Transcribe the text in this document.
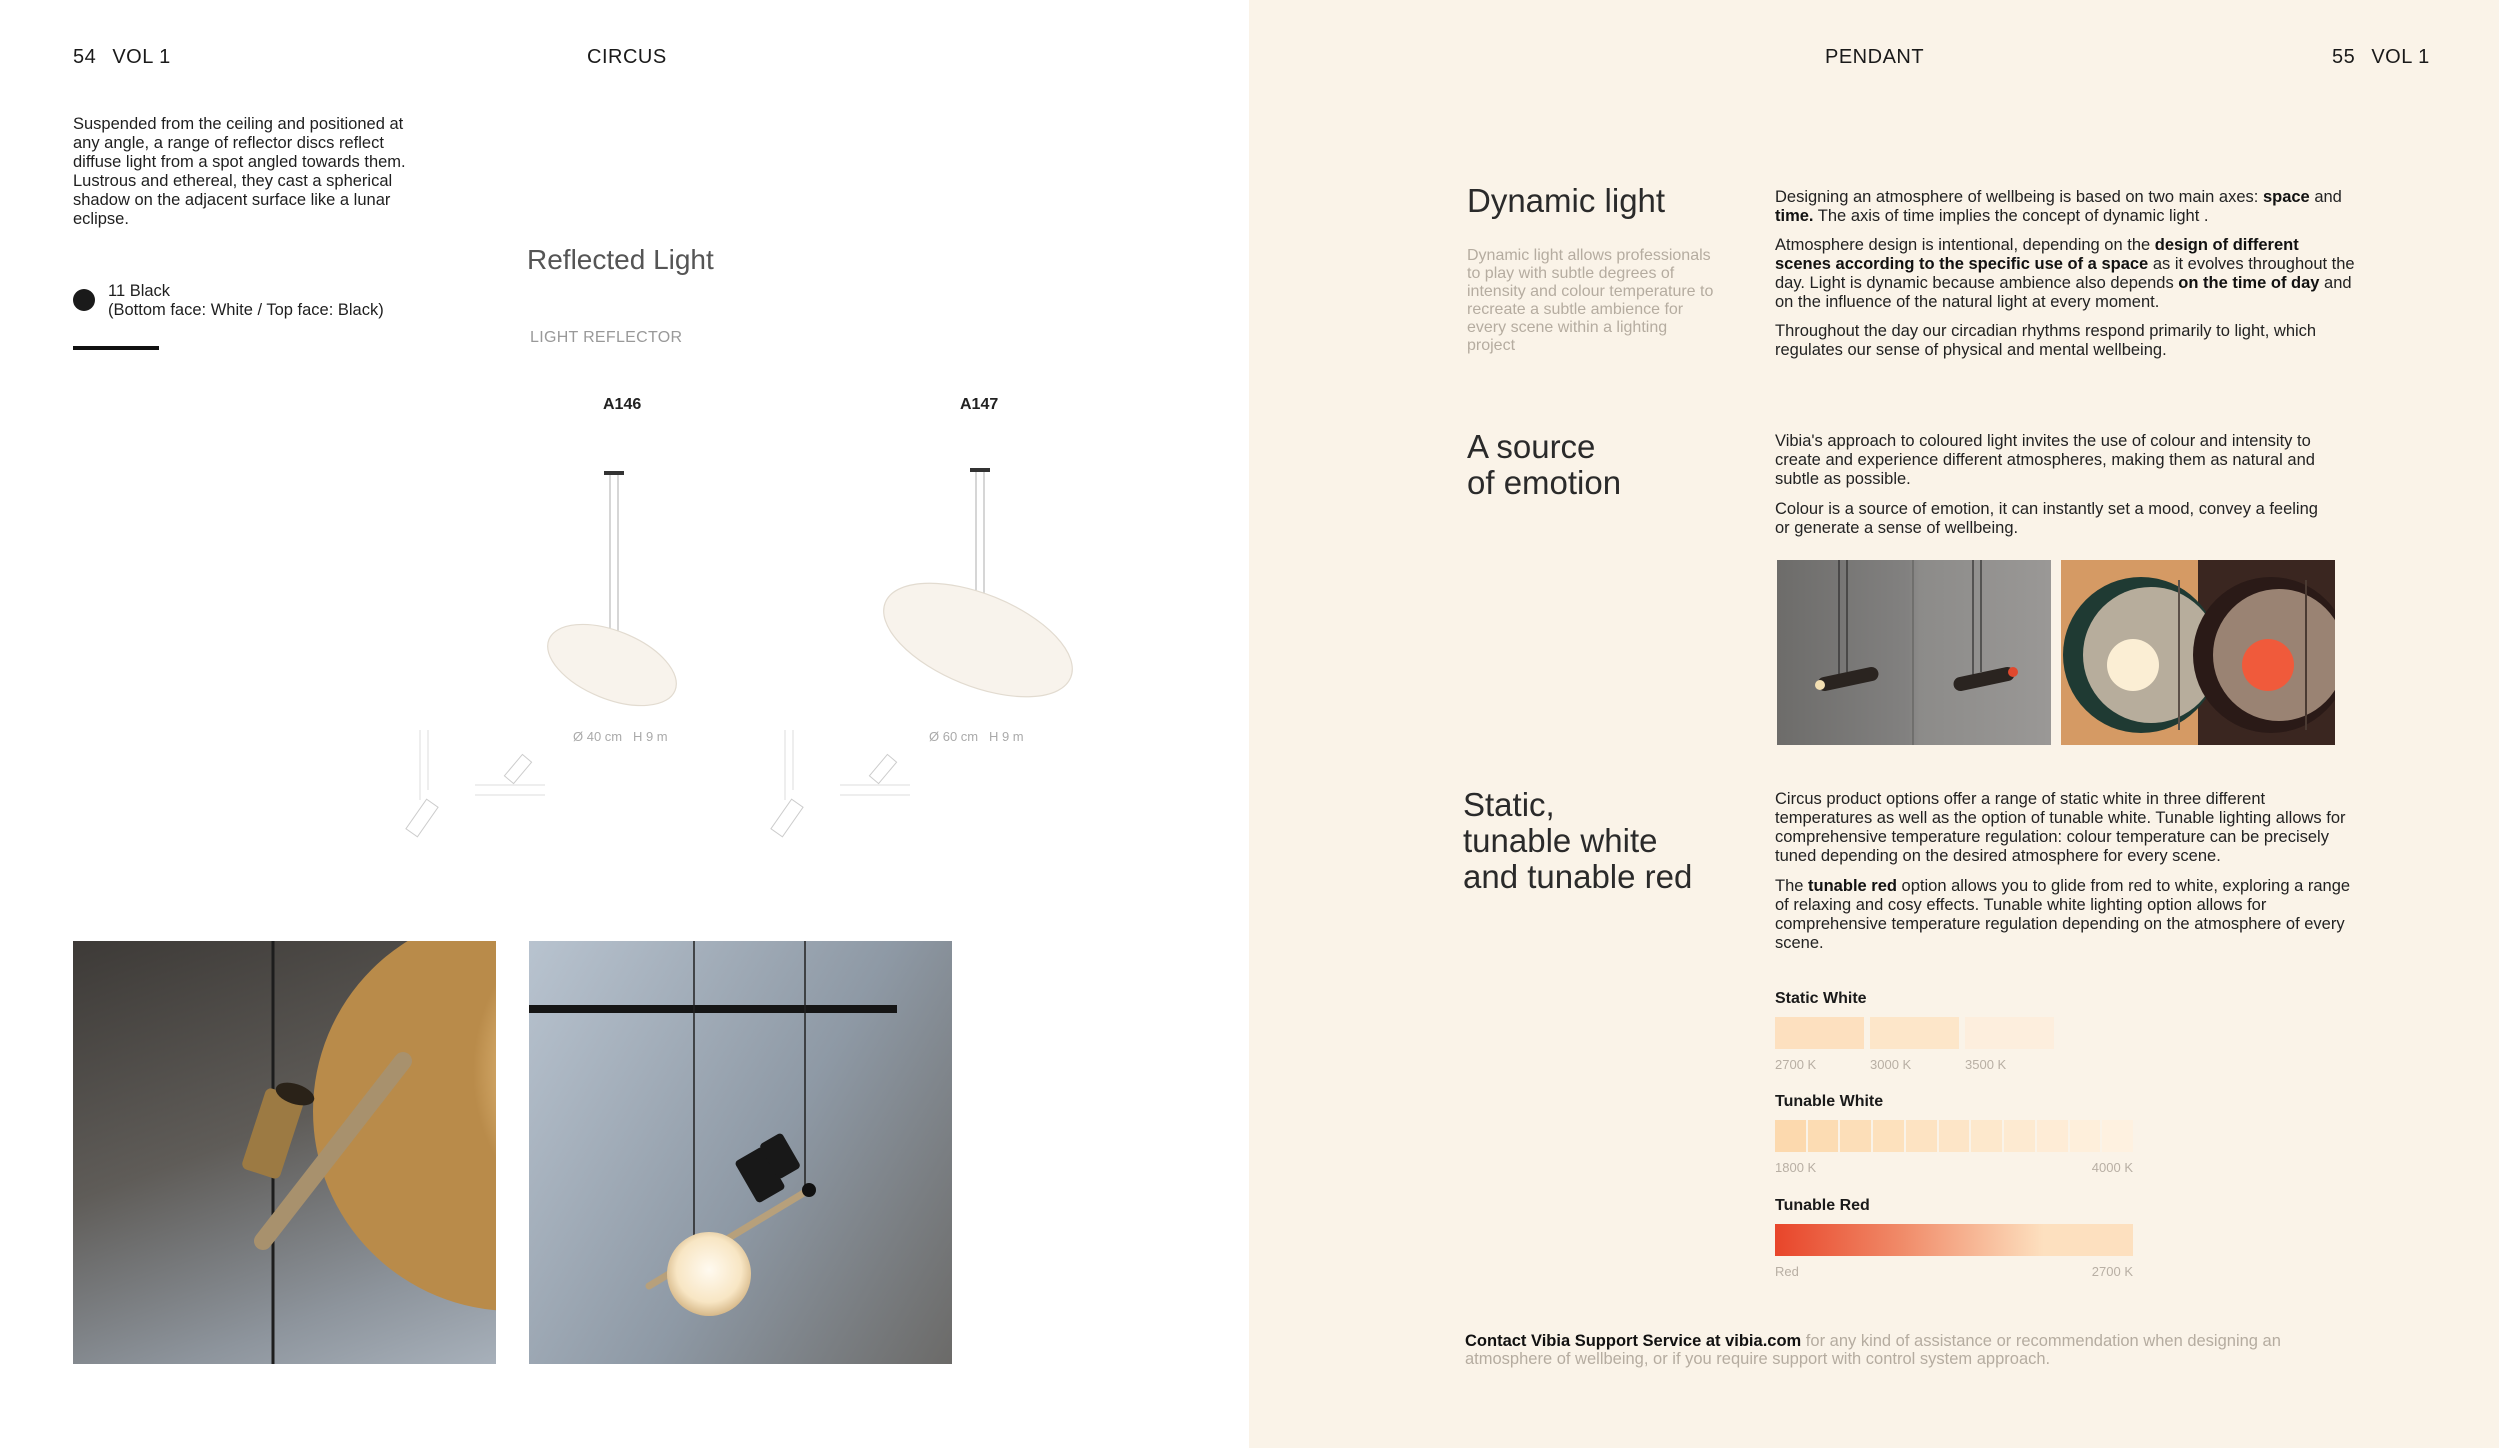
54 VOL 1	CIRCUS
Suspended from the ceiling and positioned at any angle, a range of reflector discs reflect diffuse light from a spot angled towards them. Lustrous and ethereal, they cast a spherical shadow on the adjacent surface like a lunar eclipse.
11 Black
(Bottom face: White / Top face: Black)
Reflected Light
LIGHT REFLECTOR
A146
Ø 40 cm   H 9 m
A147
Ø 60 cm   H 9 m
PENDANT	55 VOL 1
Dynamic light
Dynamic light allows professionals to play with subtle degrees of intensity and colour temperature to recreate a subtle ambience for every scene within a lighting project

Designing an atmosphere of wellbeing is based on two main axes: space and time. The axis of time implies the concept of dynamic light .

Atmosphere design is intentional, depending on the design of different scenes according to the specific use of a space as it evolves throughout the day. Light is dynamic because ambience also depends on the time of day and on the influence of the natural light at every moment.

Throughout the day our circadian rhythms respond primarily to light, which regulates our sense of physical and mental wellbeing.

A source
of emotion

Vibia's approach to coloured light invites the use of colour and intensity to create and experience different atmospheres, making them as natural and subtle as possible.

Colour is a source of emotion, it can instantly set a mood, convey a feeling or generate a sense of wellbeing.

Static,
tunable white
and tunable red

Circus product options offer a range of static white in three different temperatures as well as the option of tunable white. Tunable lighting allows for comprehensive temperature regulation: colour temperature can be precisely tuned depending on the desired atmosphere for every scene.

The tunable red option allows you to glide from red to white, exploring a range of relaxing and cosy effects. Tunable white lighting option allows for comprehensive temperature regulation depending on the atmosphere of every scene.

Static White
2700 K	3000 K	3500 K
Tunable White
1800 K	4000 K
Tunable Red
Red	2700 K
Contact Vibia Support Service at vibia.com for any kind of assistance or recommendation when designing an atmosphere of wellbeing, or if you require support with control system approach.
